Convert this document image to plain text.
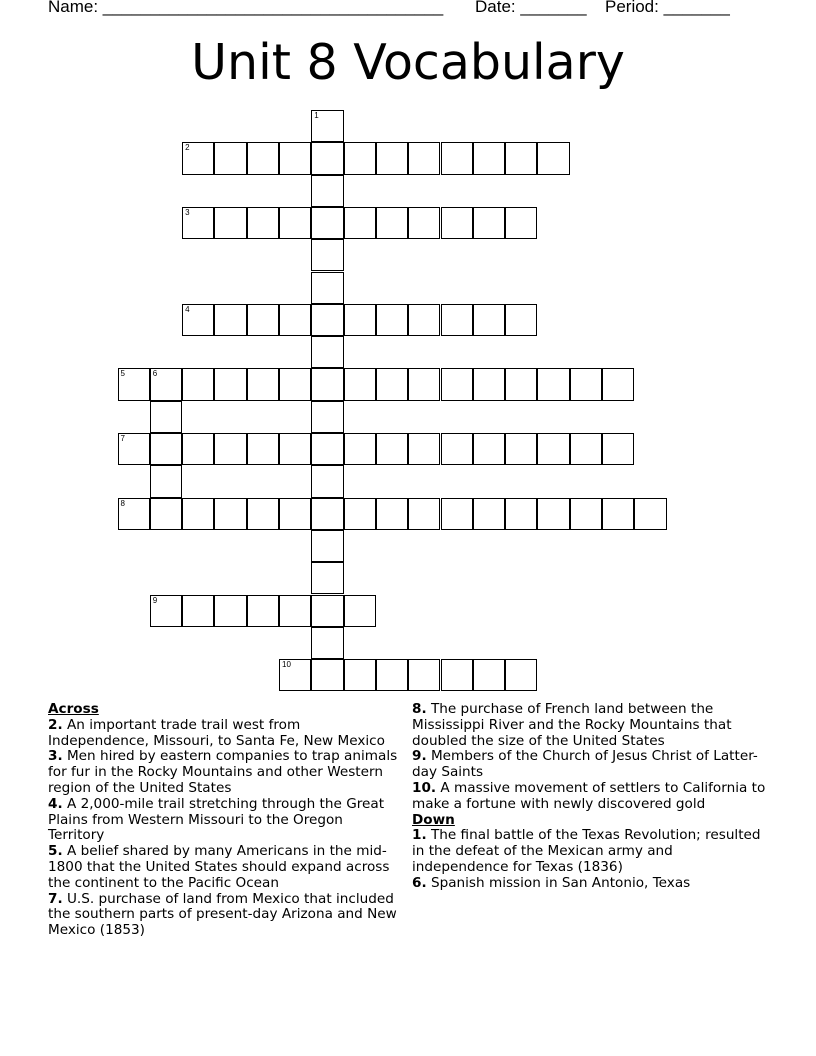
Name: ____________________________________ Date: _______ Period: _______
Unit 8 Vocabulary
1
2
3
4
5	6
7
8
9
10
Across

2. An important trade trail west from Independence, Missouri, to Santa Fe, New Mexico

3. Men hired by eastern companies to trap animals for fur in the Rocky Mountains and other Western region of the United States

4. A 2,000-mile trail stretching through the Great Plains from Western Missouri to the Oregon Territory

5. A belief shared by many Americans in the mid-1800 that the United States should expand across the continent to the Pacific Ocean

7. U.S. purchase of land from Mexico that included the southern parts of present-day Arizona and New Mexico (1853)

8. The purchase of French land between the Mississippi River and the Rocky Mountains that doubled the size of the United States

9. Members of the Church of Jesus Christ of Latter-day Saints

10. A massive movement of settlers to California to make a fortune with newly discovered gold

Down

1. The final battle of the Texas Revolution; resulted in the defeat of the Mexican army and independence for Texas (1836)

6. Spanish mission in San Antonio, Texas
